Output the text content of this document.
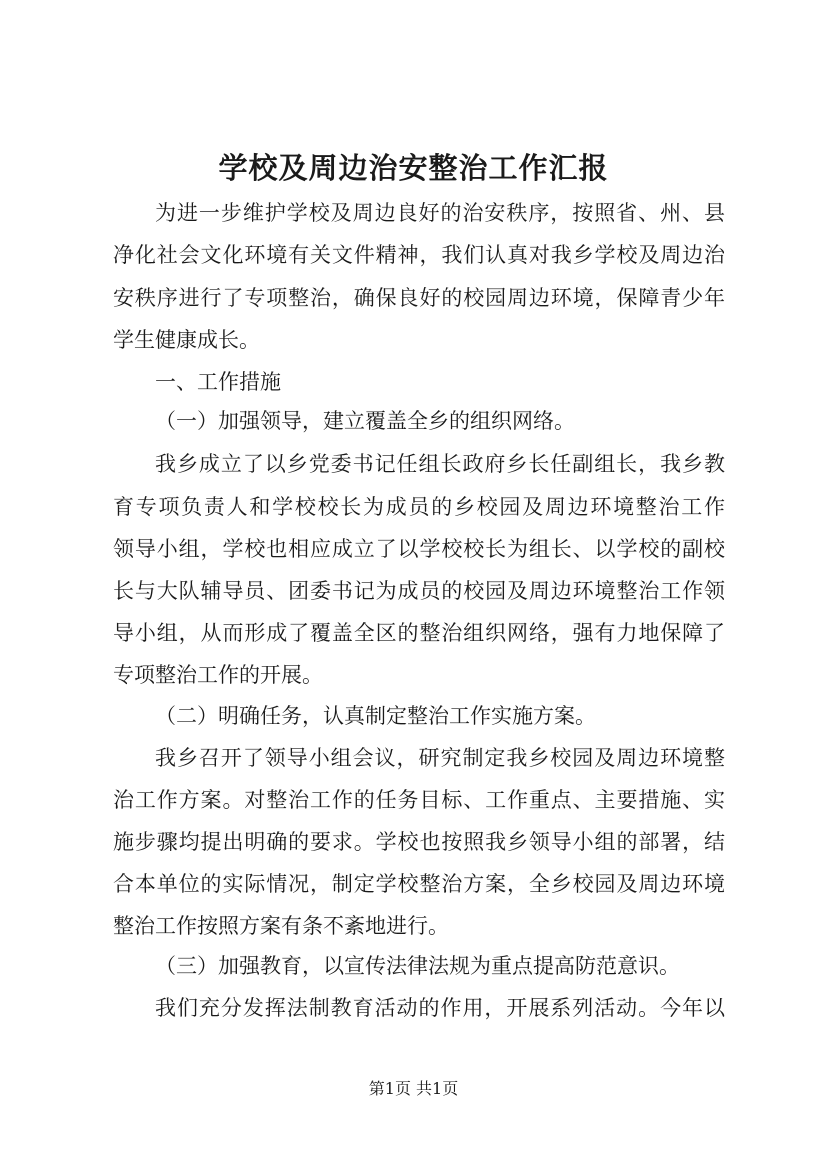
学校及周边治安整治工作汇报
为进一步维护学校及周边良好的治安秩序，按照省、州、县
净化社会文化环境有关文件精神，我们认真对我乡学校及周边治
安秩序进行了专项整治，确保良好的校园周边环境，保障青少年
学生健康成长。
一、工作措施
（一）加强领导，建立覆盖全乡的组织网络。
我乡成立了以乡党委书记任组长政府乡长任副组长，我乡教
育专项负责人和学校校长为成员的乡校园及周边环境整治工作
领导小组，学校也相应成立了以学校校长为组长、以学校的副校
长与大队辅导员、团委书记为成员的校园及周边环境整治工作领
导小组，从而形成了覆盖全区的整治组织网络，强有力地保障了
专项整治工作的开展。
（二）明确任务，认真制定整治工作实施方案。
我乡召开了领导小组会议，研究制定我乡校园及周边环境整
治工作方案。对整治工作的任务目标、工作重点、主要措施、实
施步骤均提出明确的要求。学校也按照我乡领导小组的部署，结
合本单位的实际情况，制定学校整治方案，全乡校园及周边环境
整治工作按照方案有条不紊地进行。
（三）加强教育，以宣传法律法规为重点提高防范意识。
我们充分发挥法制教育活动的作用，开展系列活动。今年以
第1页 共1页
